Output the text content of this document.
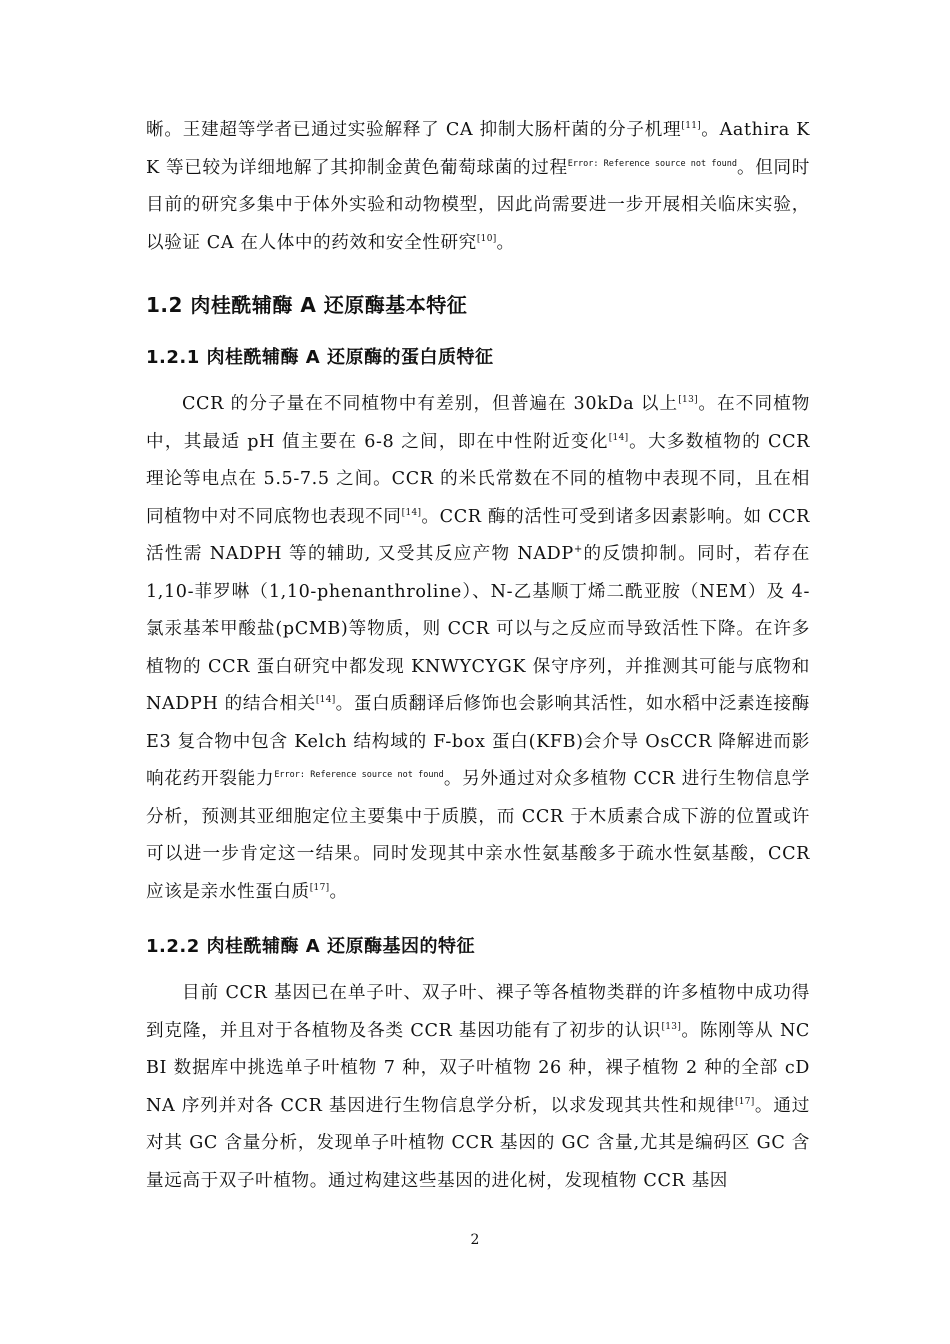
晰。王建超等学者已通过实验解释了 CA 抑制大肠杆菌的分子机理[11]。Aathira KK 等已较为详细地解了其抑制金黄色葡萄球菌的过程$^{Error: Reference source not found}$。但同时目前的研究多集中于体外实验和动物模型，因此尚需要进一步开展相关临床实验，以验证 CA 在人体中的药效和安全性研究[10]。

1.2 肉桂酰辅酶 A 还原酶基本特征
1.2.1 肉桂酰辅酶 A 还原酶的蛋白质特征

CCR 的分子量在不同植物中有差别，但普遍在 30kDa 以上[13]。在不同植物中，其最适 pH 值主要在 6-8 之间，即在中性附近变化[14]。大多数植物的 CCR 理论等电点在 5.5-7.5 之间。CCR 的米氏常数在不同的植物中表现不同，且在相同植物中对不同底物也表现不同[14]。CCR 酶的活性可受到诸多因素影响。如 CCR 活性需 NADPH 等的辅助, 又受其反应产物 NADP+的反馈抑制。同时，若存在 1,10-菲罗啉（1,10-phenanthroline）、N-乙基顺丁烯二酰亚胺（NEM）及 4-氯汞基苯甲酸盐(pCMB)等物质，则 CCR 可以与之反应而导致活性下降。在许多植物的 CCR 蛋白研究中都发现 KNWYCYGK 保守序列，并推测其可能与底物和 NADPH 的结合相关[14]。蛋白质翻译后修饰也会影响其活性，如水稻中泛素连接酶 E3 复合物中包含 Kelch 结构域的 F-box 蛋白(KFB)会介导 OsCCR 降解进而影响花药开裂能力$^{Error: Reference source not found}$。另外通过对众多植物 CCR 进行生物信息学分析，预测其亚细胞定位主要集中于质膜，而 CCR 于木质素合成下游的位置或许可以进一步肯定这一结果。同时发现其中亲水性氨基酸多于疏水性氨基酸，CCR 应该是亲水性蛋白质[17]。

1.2.2 肉桂酰辅酶 A 还原酶基因的特征

目前 CCR 基因已在单子叶、双子叶、裸子等各植物类群的许多植物中成功得到克隆，并且对于各植物及各类 CCR 基因功能有了初步的认识[13]。陈刚等从 NCBI 数据库中挑选单子叶植物 7 种，双子叶植物 26 种，裸子植物 2 种的全部 cDNA 序列并对各 CCR 基因进行生物信息学分析，以求发现其共性和规律[17]。通过对其 GC 含量分析，发现单子叶植物 CCR 基因的 GC 含量,尤其是编码区 GC 含量远高于双子叶植物。通过构建这些基因的进化树，发现植物 CCR 基因

2
